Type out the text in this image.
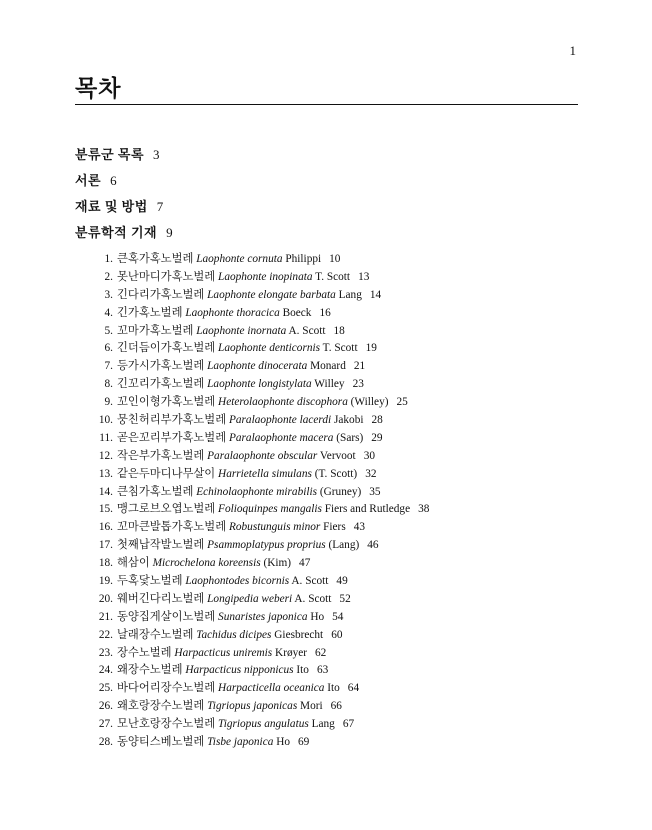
1
목차
분류군 목록 3
서론 6
재료 및 방법 7
분류학적 기재 9
1. 큰혹가혹노벌레 Laophonte cornuta Philippi 10
2. 못난마디가혹노벌레 Laophonte inopinata T. Scott 13
3. 긴다리가혹노벌레 Laophonte elongate barbata Lang 14
4. 긴가혹노벌레 Laophonte thoracica Boeck 16
5. 꼬마가혹노벌레 Laophonte inornata A. Scott 18
6. 긴더듬이가혹노벌레 Laophonte denticornis T. Scott 19
7. 등가시가혹노벌레 Laophonte dinocerata Monard 21
8. 긴꼬리가혹노벌레 Laophonte longistylata Willey 23
9. 꼬인이형가혹노벌레 Heterolaophonte discophora (Willey) 25
10. 뭉친허리부가혹노벌레 Paralaophonte lacerdi Jakobi 28
11. 곧은꼬리부가혹노벌레 Paralaophonte macera (Sars) 29
12. 작은부가혹노벌레 Paralaophonte obscular Vervoot 30
13. 같은두마디나무살이 Harrietella simulans (T. Scott) 32
14. 큰침가혹노벌레 Echinolaophonte mirabilis (Gruney) 35
15. 맹그로브오엽노벌레 Folioquinpes mangalis Fiers and Rutledge 38
16. 꼬마큰발톱가혹노벌레 Robustunguis minor Fiers 43
17. 첫째납작발노벌레 Psammoplatypus proprius (Lang) 46
18. 해삼이 Microchelona koreensis (Kim) 47
19. 두혹닻노벌레 Laophontodes bicornis A. Scott 49
20. 웨버긴다리노벌레 Longipedia weberi A. Scott 52
21. 동양집게살이노벌레 Sunaristes japonica Ho 54
22. 날래장수노벌레 Tachidus dicipes Giesbrecht 60
23. 장수노벌레 Harpacticus uniremis Krøyer 62
24. 왜장수노벌레 Harpacticus nipponicus Ito 63
25. 바다어리장수노벌레 Harpacticella oceanica Ito 64
26. 왜호랑장수노벌레 Tigriopus japonicas Mori 66
27. 모난호랑장수노벌레 Tigriopus angulatus Lang 67
28. 동양티스베노벌레 Tisbe japonica Ho 69
